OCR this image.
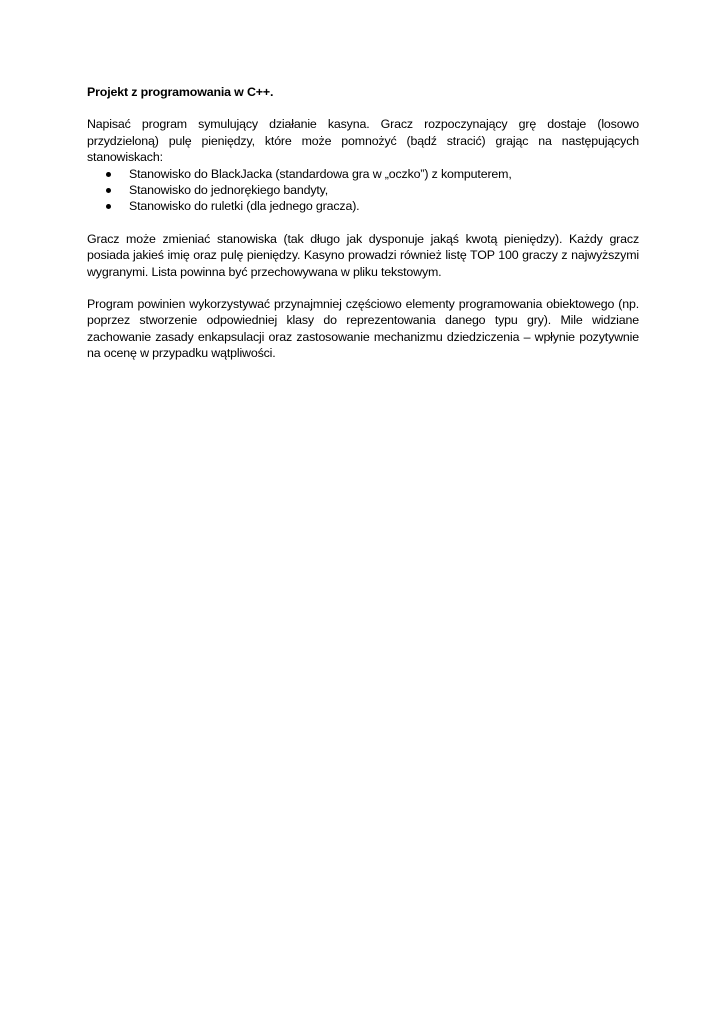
Projekt z programowania w C++.

Napisać program symulujący działanie kasyna. Gracz rozpoczynający grę dostaje (losowo przydzieloną) pulę pieniędzy, które może pomnożyć (bądź stracić) grając na następujących stanowiskach:

Stanowisko do BlackJacka (standardowa gra w „oczko”) z komputerem,
Stanowisko do jednorękiego bandyty,
Stanowisko do ruletki (dla jednego gracza).

Gracz może zmieniać stanowiska (tak długo jak dysponuje jakąś kwotą pieniędzy). Każdy gracz posiada jakieś imię oraz pulę pieniędzy. Kasyno prowadzi również listę TOP 100 graczy z najwyższymi wygranymi. Lista powinna być przechowywana w pliku tekstowym.

Program powinien wykorzystywać przynajmniej częściowo elementy programowania obiektowego (np. poprzez stworzenie odpowiedniej klasy do reprezentowania danego typu gry). Mile widziane zachowanie zasady enkapsulacji oraz zastosowanie mechanizmu dziedziczenia – wpłynie pozytywnie na ocenę w przypadku wątpliwości.
